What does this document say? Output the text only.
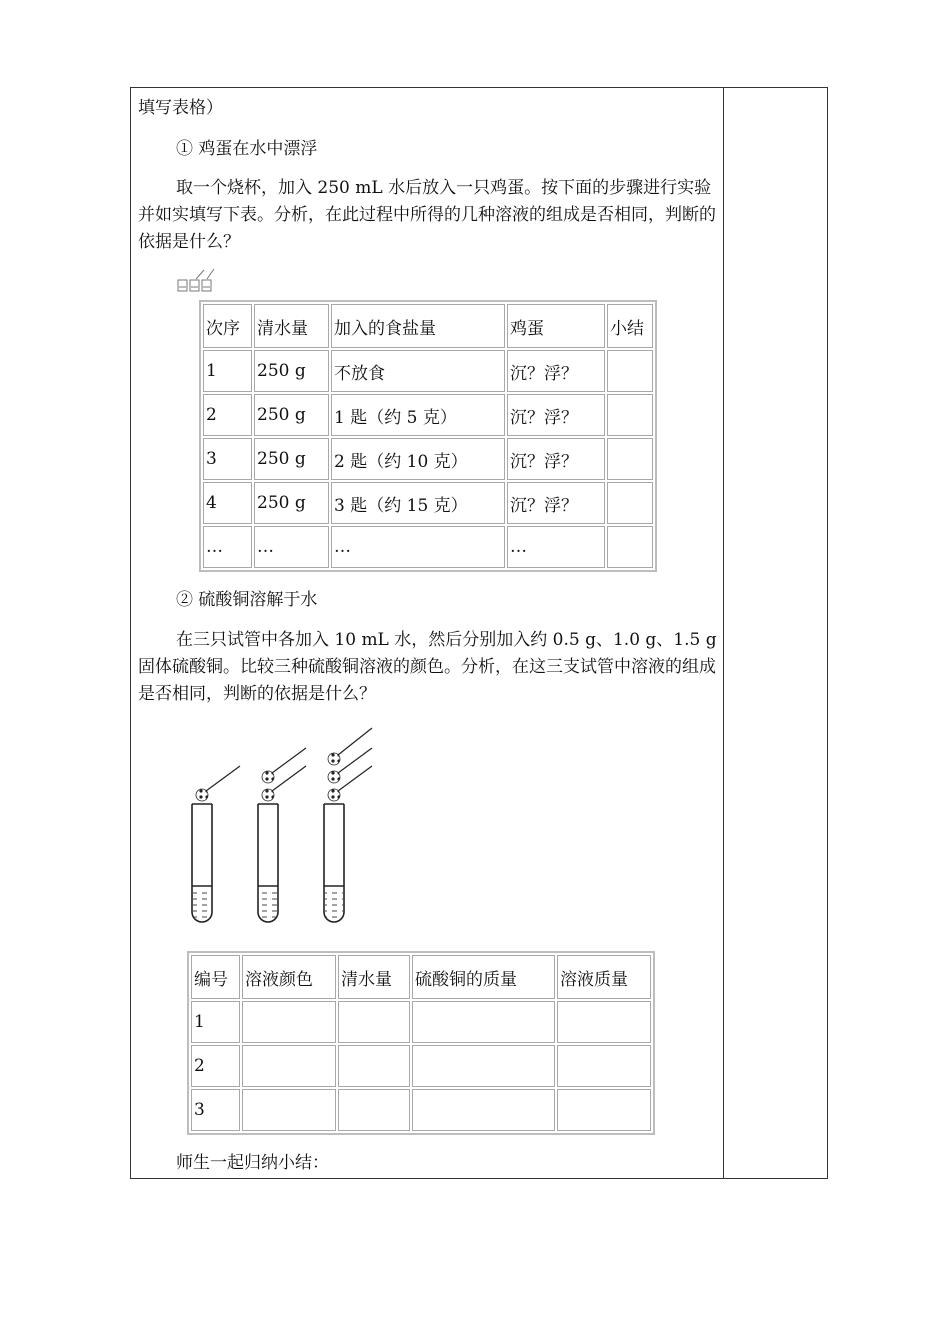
填写表格）
① 鸡蛋在水中漂浮
取一个烧杯，加入 250 mL 水后放入一只鸡蛋。按下面的步骤进行实验并如实填写下表。分析，在此过程中所得的几种溶液的组成是否相同，判断的依据是什么？
次序	清水量	加入的食盐量	鸡蛋	小结
1	250 g	不放食	沉？浮？	
2	250 g	1 匙（约 5 克）	沉？浮？	
3	250 g	2 匙（约 10 克）	沉？浮？	
4	250 g	3 匙（约 15 克）	沉？浮？	
…	…	…	…	
② 硫酸铜溶解于水
在三只试管中各加入 10 mL 水，然后分别加入约 0.5 g、1.0 g、1.5 g 固体硫酸铜。比较三种硫酸铜溶液的颜色。分析，在这三支试管中溶液的组成是否相同，判断的依据是什么？
编号	溶液颜色	清水量	硫酸铜的质量	溶液质量
1				
2				
3				
师生一起归纳小结：
